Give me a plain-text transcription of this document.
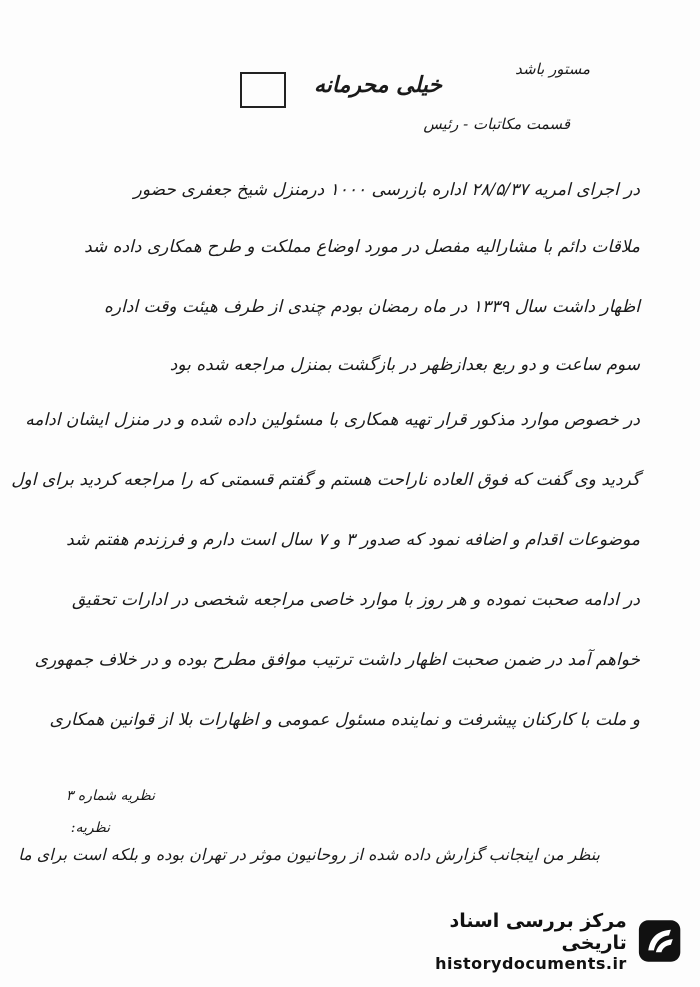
مستور باشد
خیلی محرمانه
قسمت مکاتبات - رئیس
در اجرای امریه ۲۸/۵/۳۷ اداره بازرسی ۱۰۰۰ درمنزل شیخ جعفری حضور
ملاقات دائم با مشارالیه مفصل در مورد اوضاع مملکت و طرح همکاری داده شد
اظهار داشت سال ۱۳۳۹ در ماه رمضان بودم چندی از طرف هیئت وقت اداره
سوم ساعت و دو ربع بعدازظهر در بازگشت بمنزل مراجعه شده بود
در خصوص موارد مذکور قرار تهیه همکاری با مسئولین داده شده و در منزل ایشان ادامه
گردید وی گفت که فوق العاده ناراحت هستم و گفتم قسمتی که را مراجعه کردید برای اول
موضوعات اقدام و اضافه نمود که صدور ۳ و ۷ سال است دارم و فرزندم هفتم شد
در ادامه صحبت نموده و هر روز با موارد خاصی مراجعه شخصی در ادارات تحقیق
خواهم آمد در ضمن صحبت اظهار داشت ترتیب موافق مطرح بوده و در خلاف جمهوری
و ملت با کارکنان پیشرفت و نماینده مسئول عمومی و اظهارات بلا از قوانین همکاری
نظریه شماره ۳
نظریه:
بنظر من اینجانب گزارش داده شده از روحانیون موثر در تهران بوده و بلکه است برای ما
مرکز بررسی اسناد تاریخی
historydocuments.ir
